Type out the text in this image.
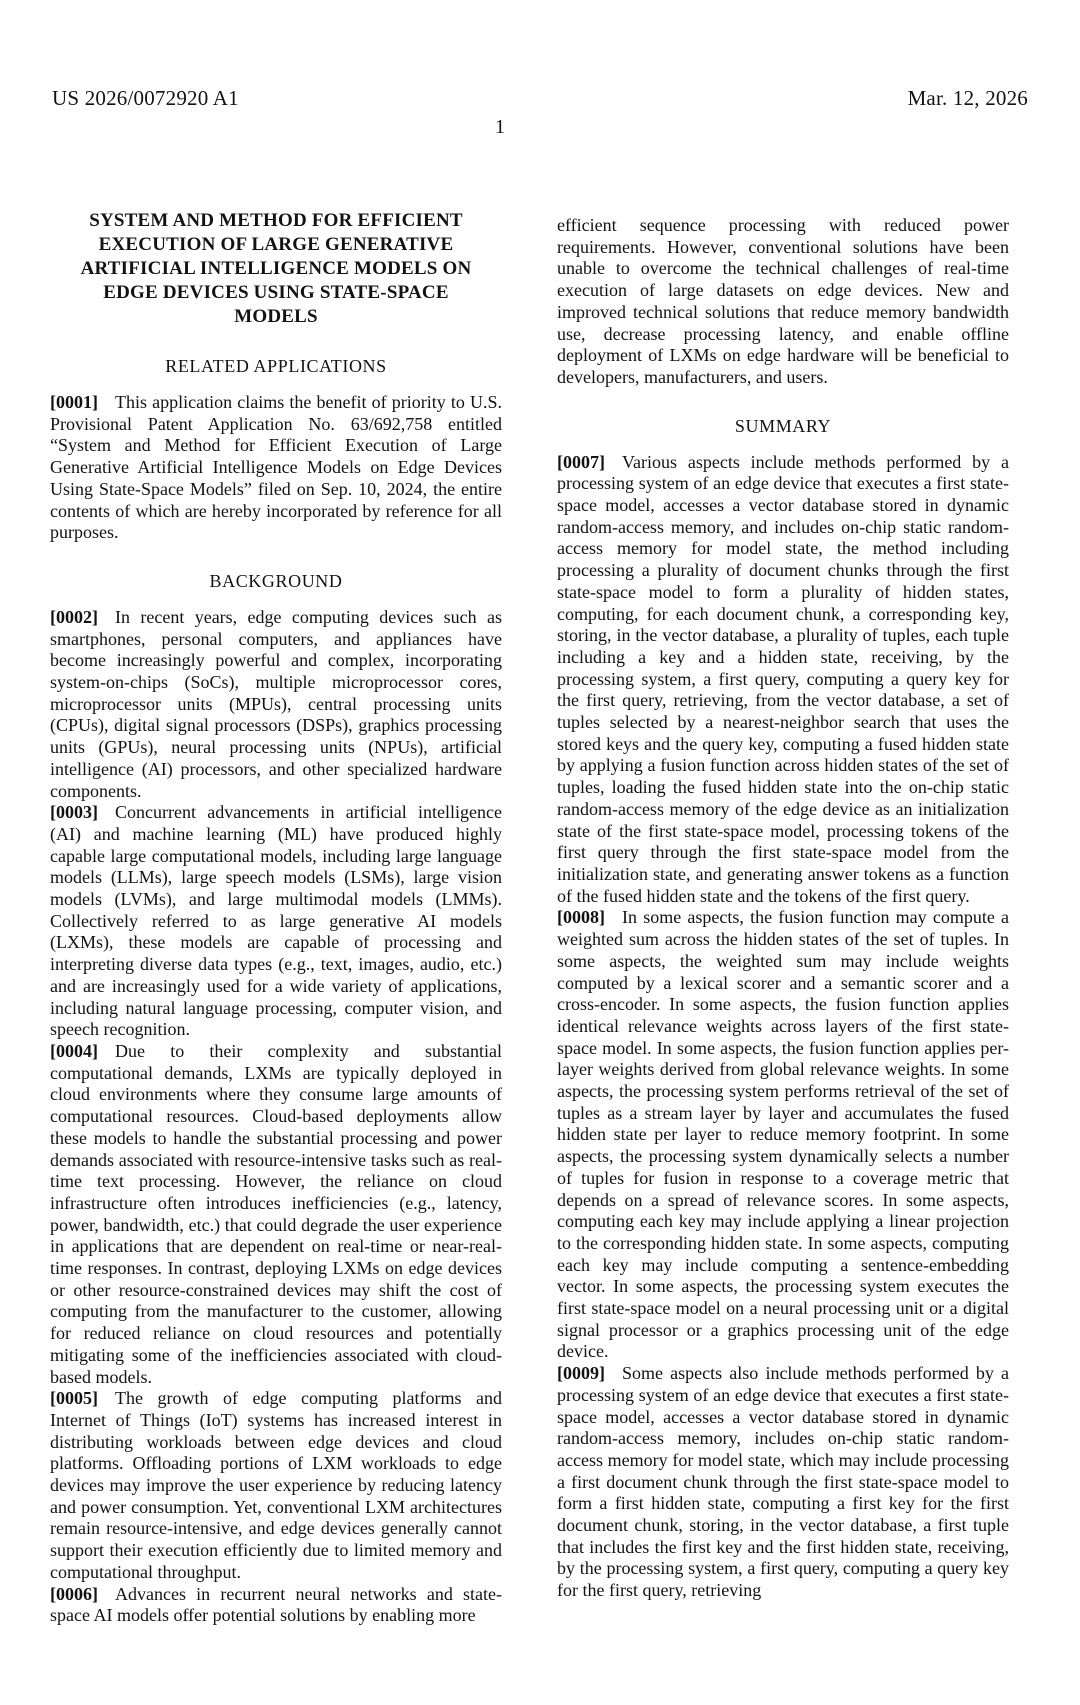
US 2026/0072920 A1	Mar. 12, 2026
1
SYSTEM AND METHOD FOR EFFICIENT EXECUTION OF LARGE GENERATIVE ARTIFICIAL INTELLIGENCE MODELS ON EDGE DEVICES USING STATE-SPACE MODELS
RELATED APPLICATIONS

[0001] This application claims the benefit of priority to U.S. Provisional Patent Application No. 63/692,758 entitled “System and Method for Efficient Execution of Large Generative Artificial Intelligence Models on Edge Devices Using State-Space Models” filed on Sep. 10, 2024, the entire contents of which are hereby incorporated by reference for all purposes.

BACKGROUND

[0002] In recent years, edge computing devices such as smartphones, personal computers, and appliances have become increasingly powerful and complex, incorporating system-on-chips (SoCs), multiple microprocessor cores, microprocessor units (MPUs), central processing units (CPUs), digital signal processors (DSPs), graphics processing units (GPUs), neural processing units (NPUs), artificial intelligence (AI) processors, and other specialized hardware components.

[0003] Concurrent advancements in artificial intelligence (AI) and machine learning (ML) have produced highly capable large computational models, including large language models (LLMs), large speech models (LSMs), large vision models (LVMs), and large multimodal models (LMMs). Collectively referred to as large generative AI models (LXMs), these models are capable of processing and interpreting diverse data types (e.g., text, images, audio, etc.) and are increasingly used for a wide variety of applications, including natural language processing, computer vision, and speech recognition.

[0004] Due to their complexity and substantial computational demands, LXMs are typically deployed in cloud environments where they consume large amounts of computational resources. Cloud-based deployments allow these models to handle the substantial processing and power demands associated with resource-intensive tasks such as real-time text processing. However, the reliance on cloud infrastructure often introduces inefficiencies (e.g., latency, power, bandwidth, etc.) that could degrade the user experience in applications that are dependent on real-time or near-real-time responses. In contrast, deploying LXMs on edge devices or other resource-constrained devices may shift the cost of computing from the manufacturer to the customer, allowing for reduced reliance on cloud resources and potentially mitigating some of the inefficiencies associated with cloud-based models.

[0005] The growth of edge computing platforms and Internet of Things (IoT) systems has increased interest in distributing workloads between edge devices and cloud platforms. Offloading portions of LXM workloads to edge devices may improve the user experience by reducing latency and power consumption. Yet, conventional LXM architectures remain resource-intensive, and edge devices generally cannot support their execution efficiently due to limited memory and computational throughput.

[0006] Advances in recurrent neural networks and state-space AI models offer potential solutions by enabling more

efficient sequence processing with reduced power requirements. However, conventional solutions have been unable to overcome the technical challenges of real-time execution of large datasets on edge devices. New and improved technical solutions that reduce memory bandwidth use, decrease processing latency, and enable offline deployment of LXMs on edge hardware will be beneficial to developers, manufacturers, and users.

SUMMARY

[0007] Various aspects include methods performed by a processing system of an edge device that executes a first state-space model, accesses a vector database stored in dynamic random-access memory, and includes on-chip static random-access memory for model state, the method including processing a plurality of document chunks through the first state-space model to form a plurality of hidden states, computing, for each document chunk, a corresponding key, storing, in the vector database, a plurality of tuples, each tuple including a key and a hidden state, receiving, by the processing system, a first query, computing a query key for the first query, retrieving, from the vector database, a set of tuples selected by a nearest-neighbor search that uses the stored keys and the query key, computing a fused hidden state by applying a fusion function across hidden states of the set of tuples, loading the fused hidden state into the on-chip static random-access memory of the edge device as an initialization state of the first state-space model, processing tokens of the first query through the first state-space model from the initialization state, and generating answer tokens as a function of the fused hidden state and the tokens of the first query.

[0008] In some aspects, the fusion function may compute a weighted sum across the hidden states of the set of tuples. In some aspects, the weighted sum may include weights computed by a lexical scorer and a semantic scorer and a cross-encoder. In some aspects, the fusion function applies identical relevance weights across layers of the first state-space model. In some aspects, the fusion function applies per-layer weights derived from global relevance weights. In some aspects, the processing system performs retrieval of the set of tuples as a stream layer by layer and accumulates the fused hidden state per layer to reduce memory footprint. In some aspects, the processing system dynamically selects a number of tuples for fusion in response to a coverage metric that depends on a spread of relevance scores. In some aspects, computing each key may include applying a linear projection to the corresponding hidden state. In some aspects, computing each key may include computing a sentence-embedding vector. In some aspects, the processing system executes the first state-space model on a neural processing unit or a digital signal processor or a graphics processing unit of the edge device.

[0009] Some aspects also include methods performed by a processing system of an edge device that executes a first state-space model, accesses a vector database stored in dynamic random-access memory, includes on-chip static random-access memory for model state, which may include processing a first document chunk through the first state-space model to form a first hidden state, computing a first key for the first document chunk, storing, in the vector database, a first tuple that includes the first key and the first hidden state, receiving, by the processing system, a first query, computing a query key for the first query, retrieving
